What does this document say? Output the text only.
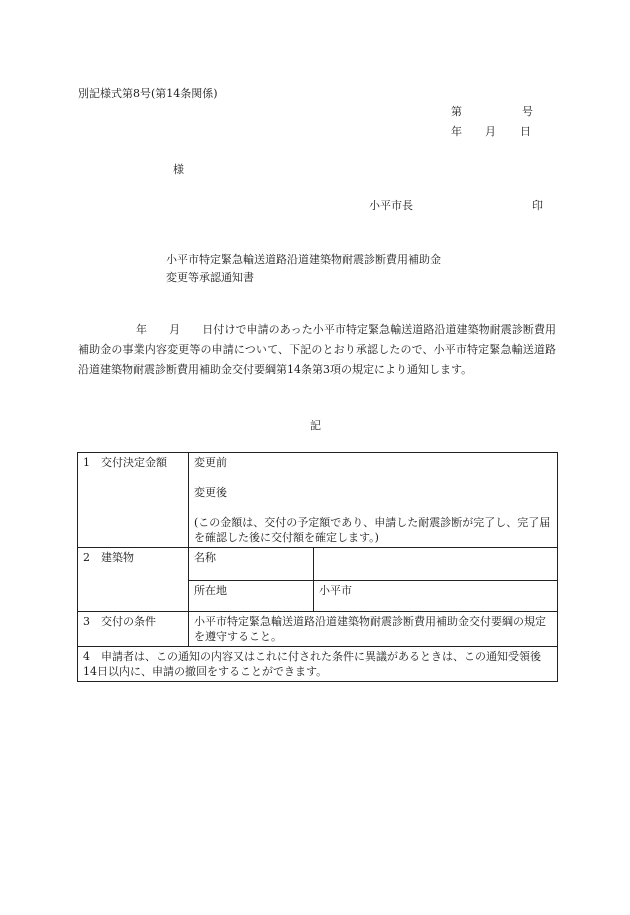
別記様式第8号(第14条関係)
第	号
年 月 日
様
小平市長	印
小平市特定緊急輸送道路沿道建築物耐震診断費用補助金
変更等承認通知書
年 月 日付けで申請のあった小平市特定緊急輸送道路沿道建築物耐震診断費用補助金の事業内容変更等の申請について、下記のとおり承認したので、小平市特定緊急輸送道路沿道建築物耐震診断費用補助金交付要綱第14条第3項の規定により通知します。
記
1　交付決定金額	変更前
変更後
(この金額は、交付の予定額であり、申請した耐震診断が完了し、完了届を確認した後に交付額を確定します。)	

2　建築物	名称	
	所在地	小平市
3　交付の条件	小平市特定緊急輸送道路沿道建築物耐震診断費用補助金交付要綱の規定を遵守すること。	
4　申請者は、この通知の内容又はこれに付された条件に異議があるときは、この通知受領後14日以内に、申請の撤回をすることができます。		
